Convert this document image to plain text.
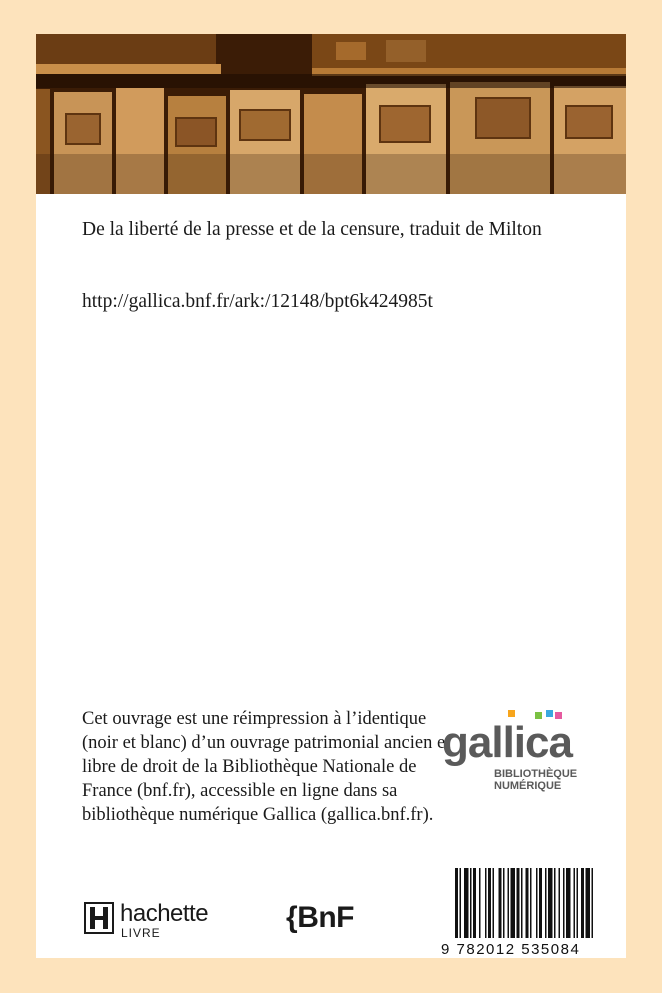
De la liberté de la presse et de la censure, traduit de Milton
http://gallica.bnf.fr/ark:/12148/bpt6k424985t
Cet ouvrage est une réimpression à l’identique (noir et blanc) d’un ouvrage patrimonial ancien et libre de droit de la Bibliothèque Nationale de France (bnf.fr), accessible en ligne dans sa bibliothèque numérique Gallica (gallica.bnf.fr).
gallica
BIBLIOTHÈQUE
NUMÉRIQUE
hachette
LIVRE	{BnF
9 782012 535084
